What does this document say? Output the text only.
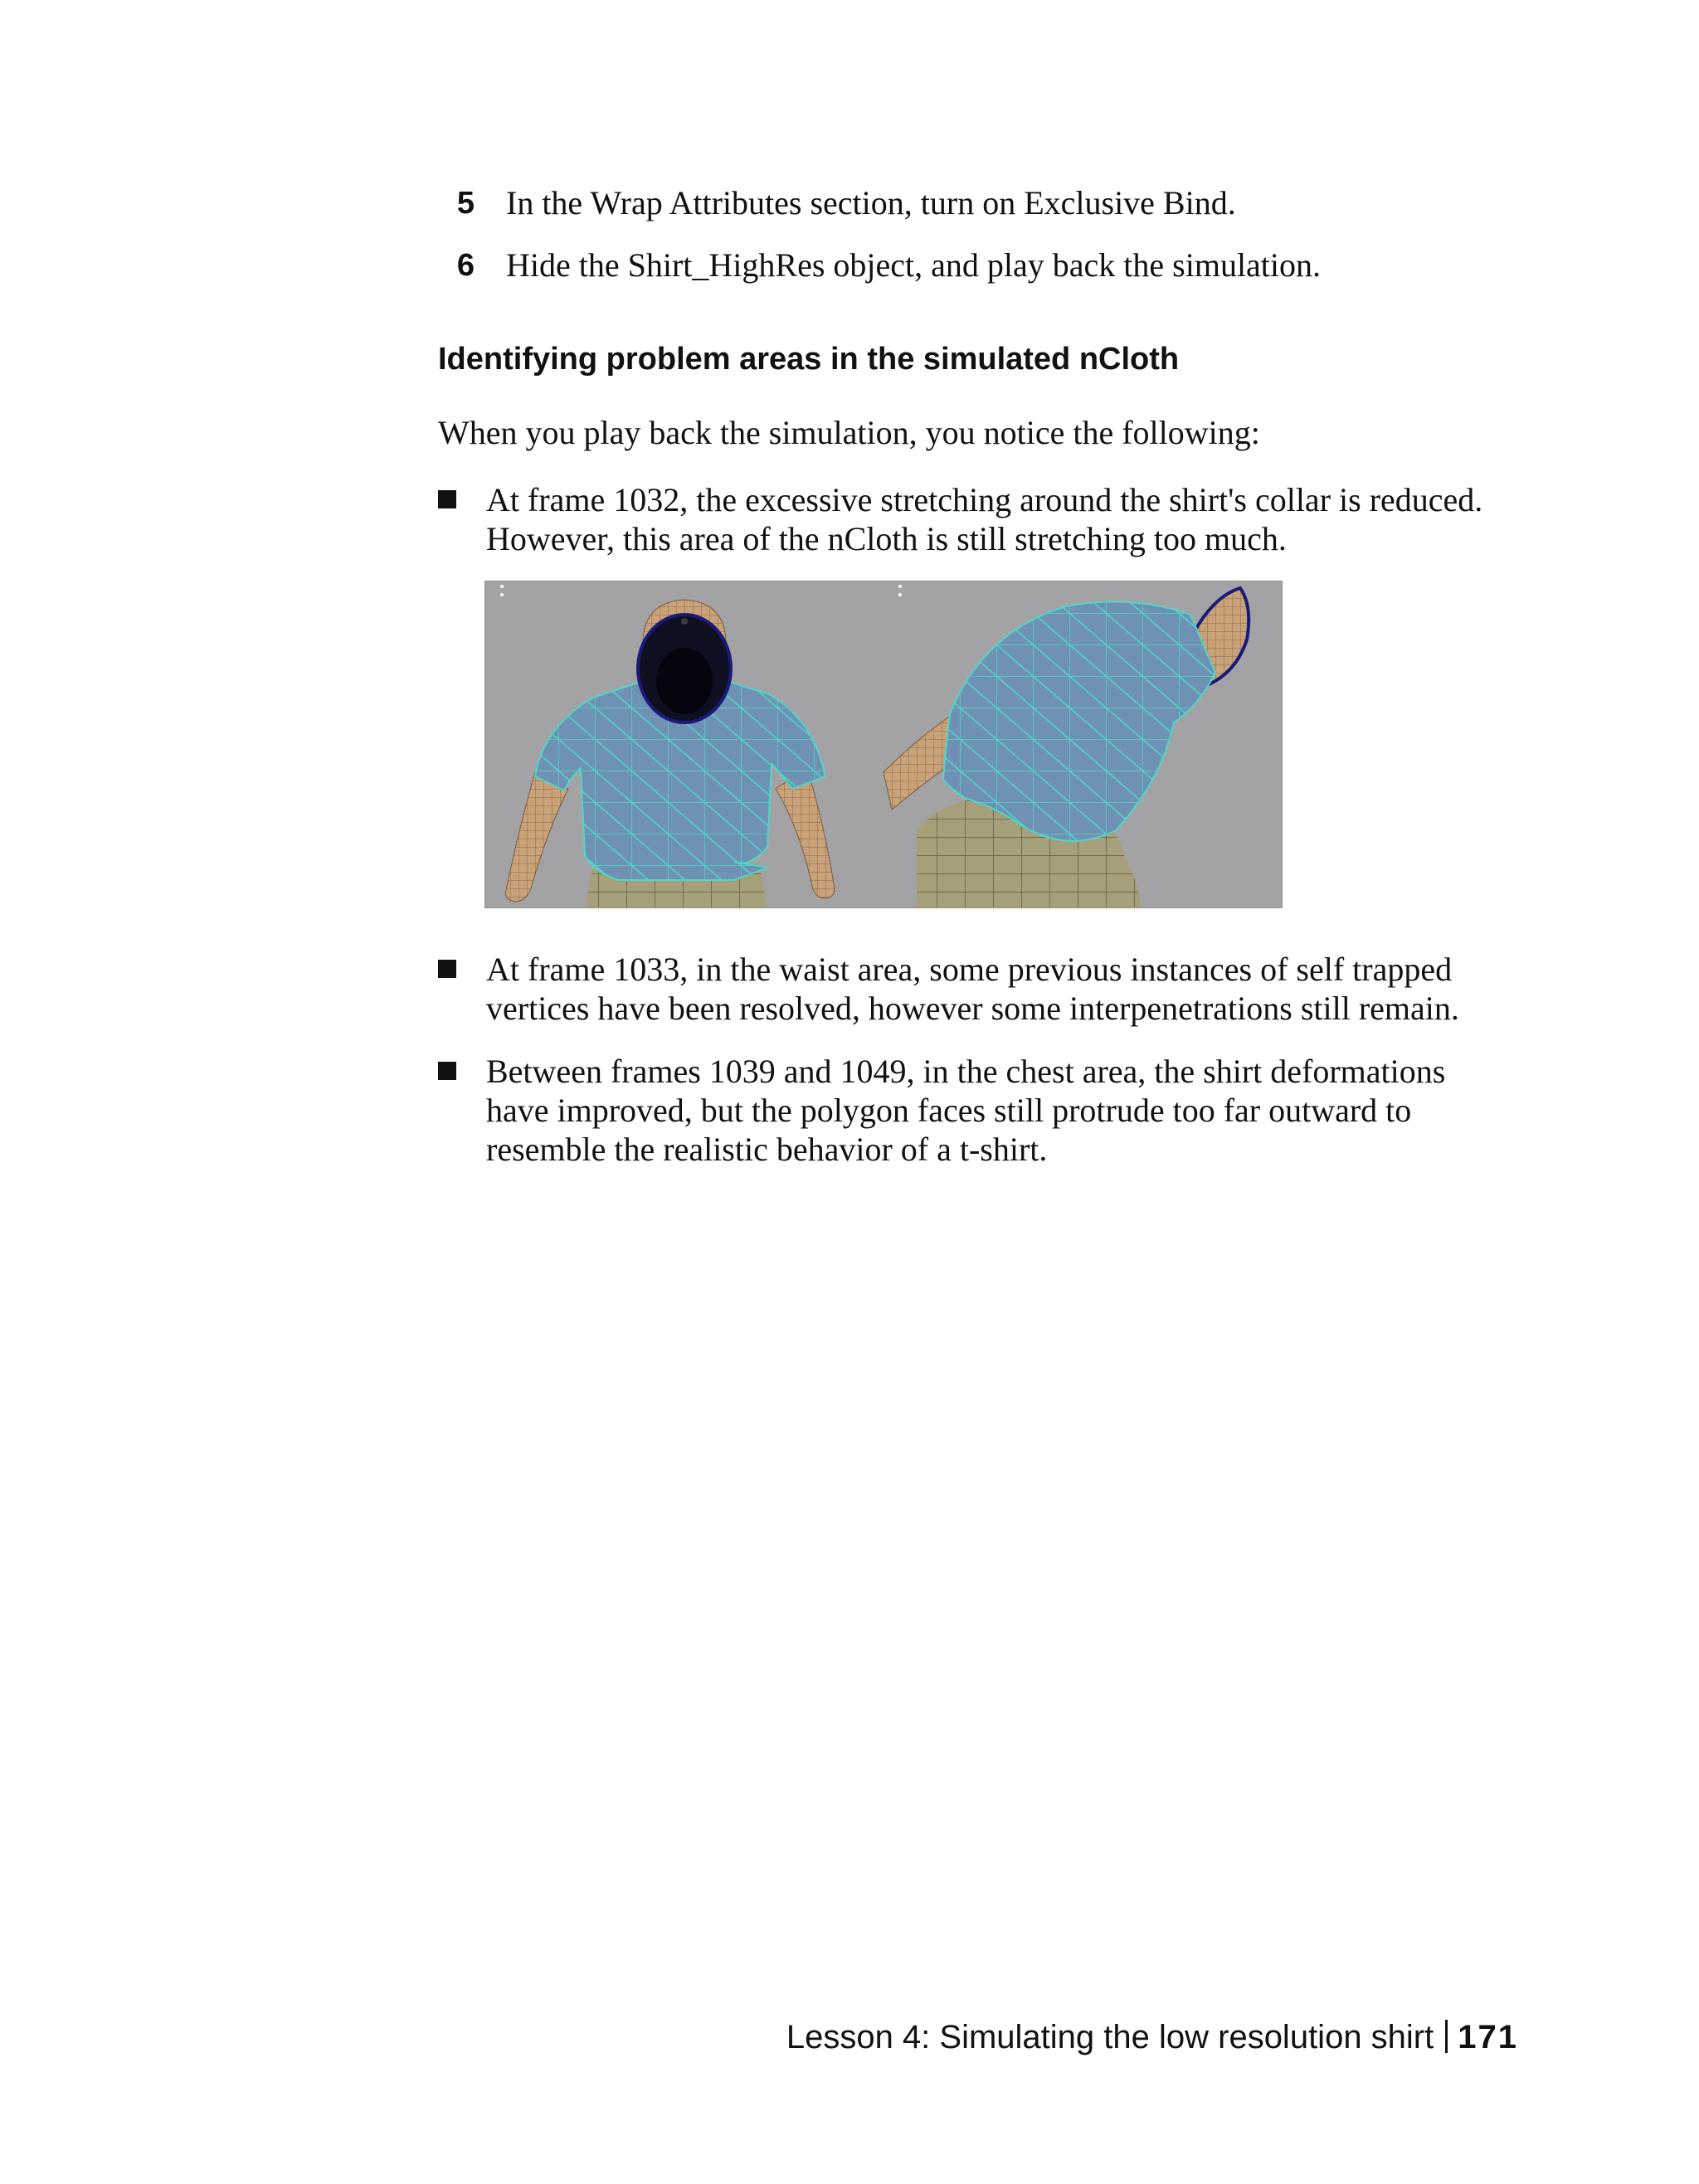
5 In the Wrap Attributes section, turn on Exclusive Bind.
6 Hide the Shirt_HighRes object, and play back the simulation.
Identifying problem areas in the simulated nCloth
When you play back the simulation, you notice the following:
At frame 1032, the excessive stretching around the shirt's collar is reduced.
However, this area of the nCloth is still stretching too much.
At frame 1033, in the waist area, some previous instances of self trapped
vertices have been resolved, however some interpenetrations still remain.
Between frames 1039 and 1049, in the chest area, the shirt deformations
have improved, but the polygon faces still protrude too far outward to
resemble the realistic behavior of a t-shirt.
Lesson 4: Simulating the low resolution shirt 171
